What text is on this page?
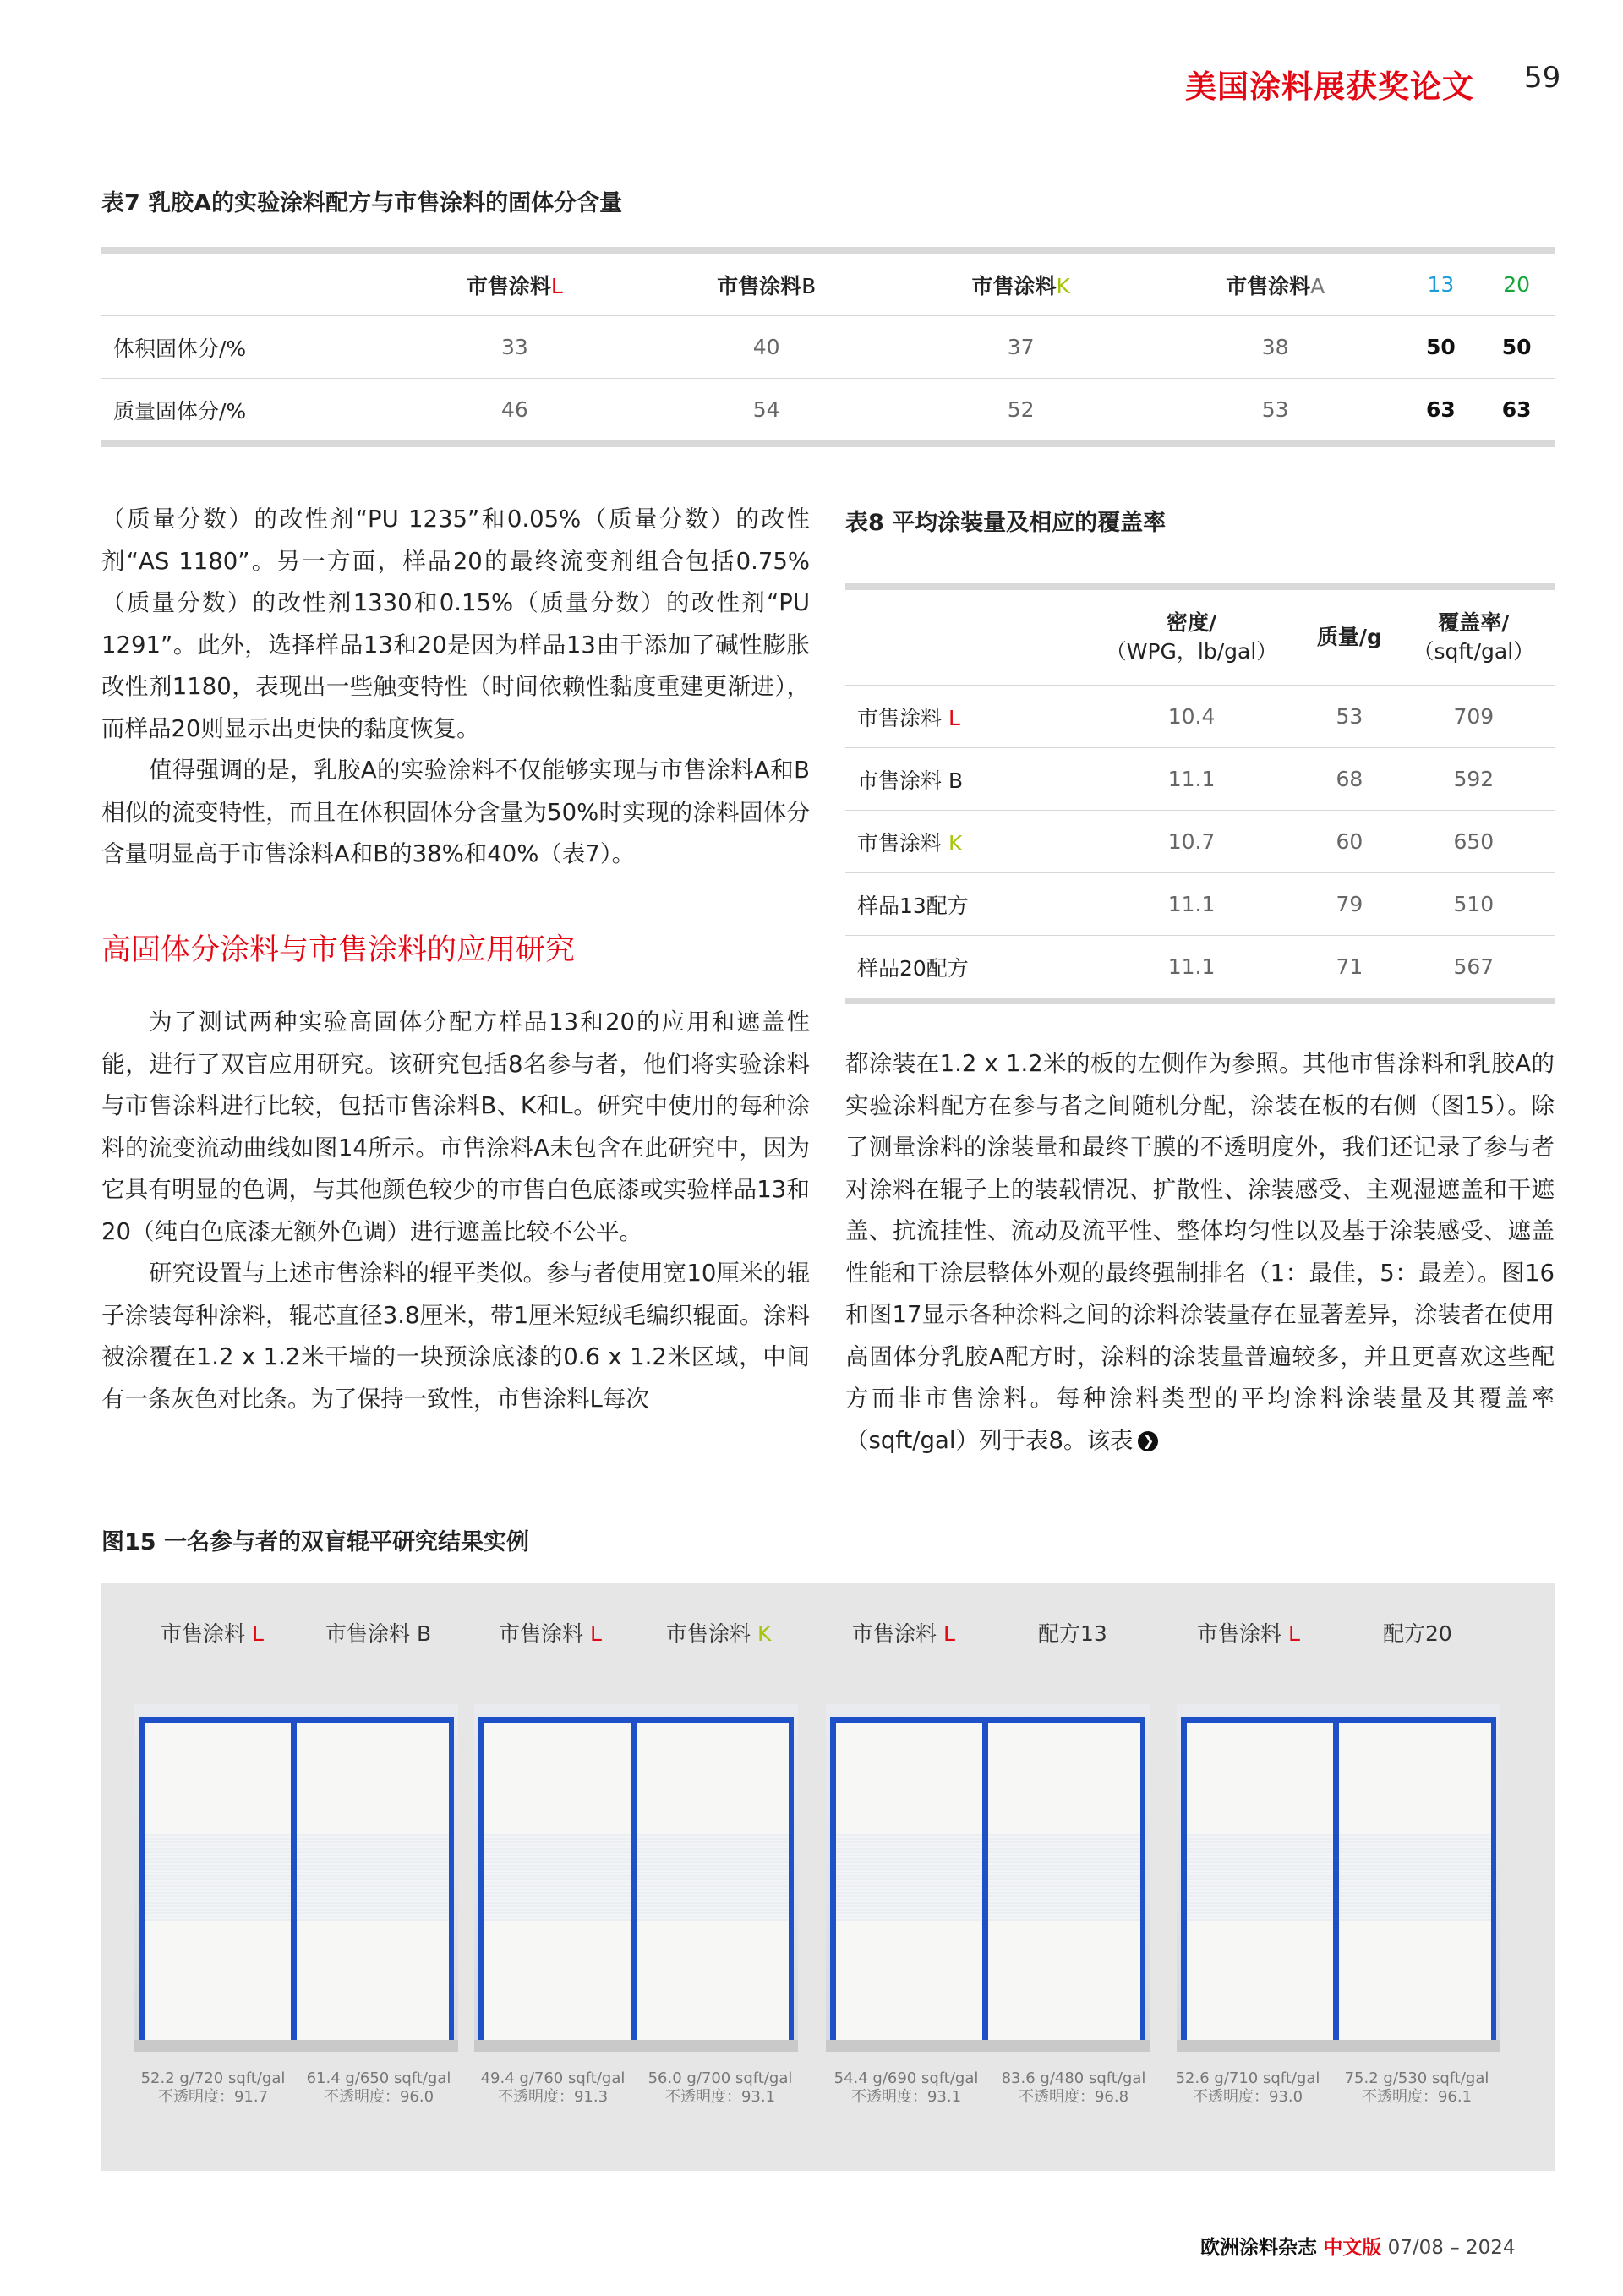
美国涂料展获奖论文 59
表7 乳胶A的实验涂料配方与市售涂料的固体分含量
	市售涂料L	市售涂料B	市售涂料K	市售涂料A	13	20
体积固体分/%	33	40	37	38	50	50
质量固体分/%	46	54	52	53	63	63
（质量分数）的改性剂“PU 1235”和0.05%（质量分数）的改性剂“AS 1180”。另一方面，样品20的最终流变剂组合包括0.75%（质量分数）的改性剂1330和0.15%（质量分数）的改性剂“PU 1291”。此外，选择样品13和20是因为样品13由于添加了碱性膨胀改性剂1180，表现出一些触变特性（时间依赖性黏度重建更渐进），而样品20则显示出更快的黏度恢复。
值得强调的是，乳胶A的实验涂料不仅能够实现与市售涂料A和B相似的流变特性，而且在体积固体分含量为50%时实现的涂料固体分含量明显高于市售涂料A和B的38%和40%（表7）。
高固体分涂料与市售涂料的应用研究
为了测试两种实验高固体分配方样品13和20的应用和遮盖性能，进行了双盲应用研究。该研究包括8名参与者，他们将实验涂料与市售涂料进行比较，包括市售涂料B、K和L。研究中使用的每种涂料的流变流动曲线如图14所示。市售涂料A未包含在此研究中，因为它具有明显的色调，与其他颜色较少的市售白色底漆或实验样品13和20（纯白色底漆无额外色调）进行遮盖比较不公平。
研究设置与上述市售涂料的辊平类似。参与者使用宽10厘米的辊子涂装每种涂料，辊芯直径3.8厘米，带1厘米短绒毛编织辊面。涂料被涂覆在1.2 x 1.2米干墙的一块预涂底漆的0.6 x 1.2米区域，中间有一条灰色对比条。为了保持一致性，市售涂料L每次
表8 平均涂装量及相应的覆盖率
	密度/
（WPG，lb/gal）	质量/g	覆盖率/
（sqft/gal）
市售涂料 L	10.4	53	709
市售涂料 B	11.1	68	592
市售涂料 K	10.7	60	650
样品13配方	11.1	79	510
样品20配方	11.1	71	567
都涂装在1.2 x 1.2米的板的左侧作为参照。其他市售涂料和乳胶A的实验涂料配方在参与者之间随机分配，涂装在板的右侧（图15）。除了测量涂料的涂装量和最终干膜的不透明度外，我们还记录了参与者对涂料在辊子上的装载情况、扩散性、涂装感受、主观湿遮盖和干遮盖、抗流挂性、流动及流平性、整体均匀性以及基于涂装感受、遮盖性能和干涂层整体外观的最终强制排名（1：最佳，5：最差）。图16和图17显示各种涂料之间的涂料涂装量存在显著差异，涂装者在使用高固体分乳胶A配方时，涂料的涂装量普遍较多，并且更喜欢这些配方而非市售涂料。每种涂料类型的平均涂料涂装量及其覆盖率（sqft/gal）列于表8。该表 ❯
图15 一名参与者的双盲辊平研究结果实例
市售涂料 L	市售涂料 B	市售涂料 L	市售涂料 K	市售涂料 L	配方13	市售涂料 L	配方20
52.2 g/720 sqft/gal
不透明度：91.7
61.4 g/650 sqft/gal
不透明度：96.0
49.4 g/760 sqft/gal
不透明度：91.3
56.0 g/700 sqft/gal
不透明度：93.1
54.4 g/690 sqft/gal
不透明度：93.1
83.6 g/480 sqft/gal
不透明度：96.8
52.6 g/710 sqft/gal
不透明度：93.0
75.2 g/530 sqft/gal
不透明度：96.1
欧洲涂料杂志 中文版 07/08 – 2024
